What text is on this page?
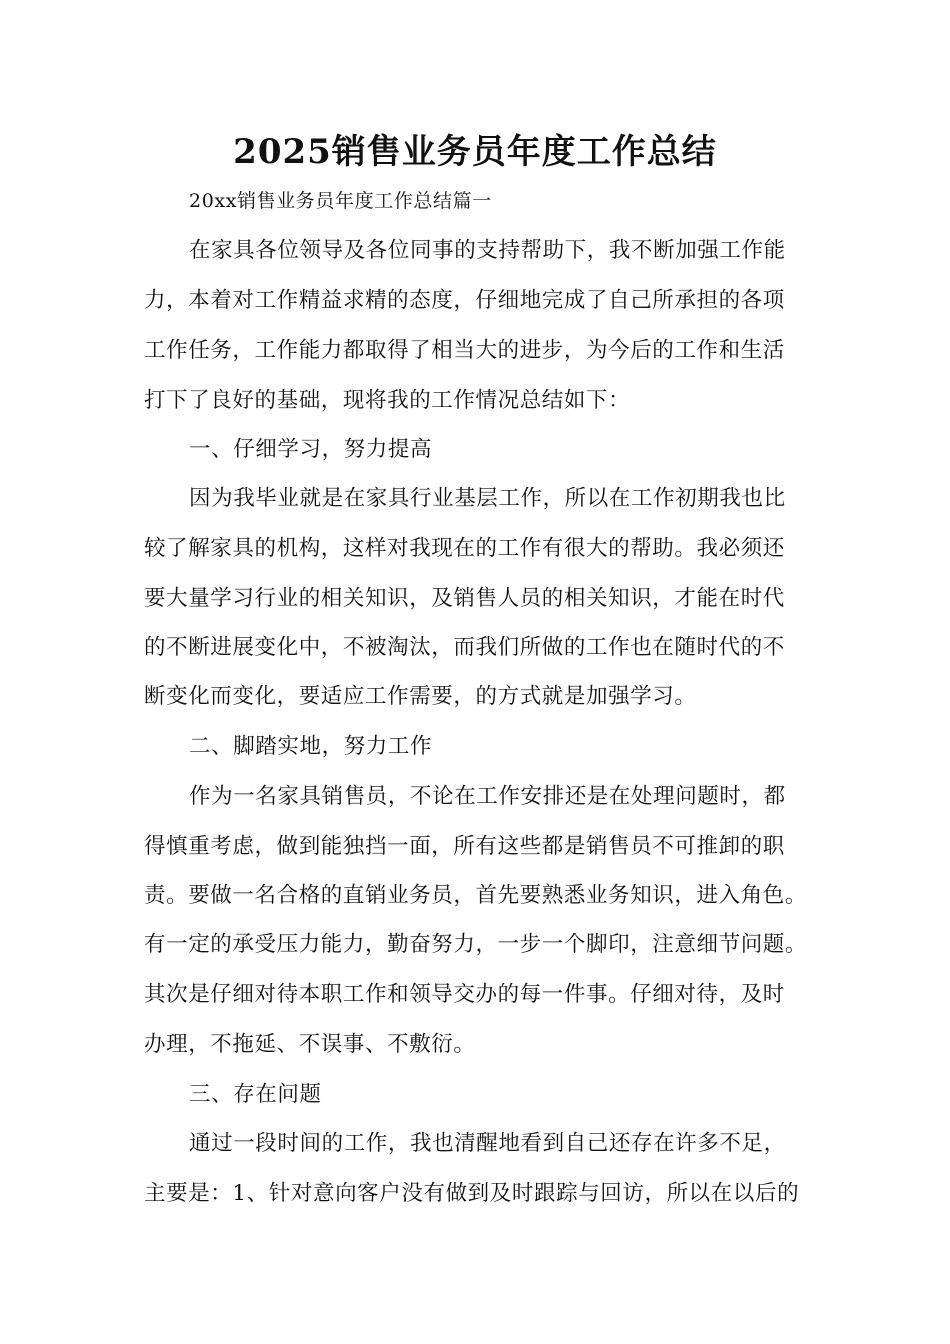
2025销售业务员年度工作总结
20xx销售业务员年度工作总结篇一
在家具各位领导及各位同事的支持帮助下，我不断加强工作能
力，本着对工作精益求精的态度，仔细地完成了自己所承担的各项
工作任务，工作能力都取得了相当大的进步，为今后的工作和生活
打下了良好的基础，现将我的工作情况总结如下：
一、仔细学习，努力提高
因为我毕业就是在家具行业基层工作，所以在工作初期我也比
较了解家具的机构，这样对我现在的工作有很大的帮助。我必须还
要大量学习行业的相关知识，及销售人员的相关知识，才能在时代
的不断进展变化中，不被淘汰，而我们所做的工作也在随时代的不
断变化而变化，要适应工作需要，的方式就是加强学习。
二、脚踏实地，努力工作
作为一名家具销售员，不论在工作安排还是在处理问题时，都
得慎重考虑，做到能独挡一面，所有这些都是销售员不可推卸的职
责。要做一名合格的直销业务员，首先要熟悉业务知识，进入角色。
有一定的承受压力能力，勤奋努力，一步一个脚印，注意细节问题。
其次是仔细对待本职工作和领导交办的每一件事。仔细对待，及时
办理，不拖延、不误事、不敷衍。
三、存在问题
通过一段时间的工作，我也清醒地看到自己还存在许多不足，
主要是：1、针对意向客户没有做到及时跟踪与回访，所以在以后的
